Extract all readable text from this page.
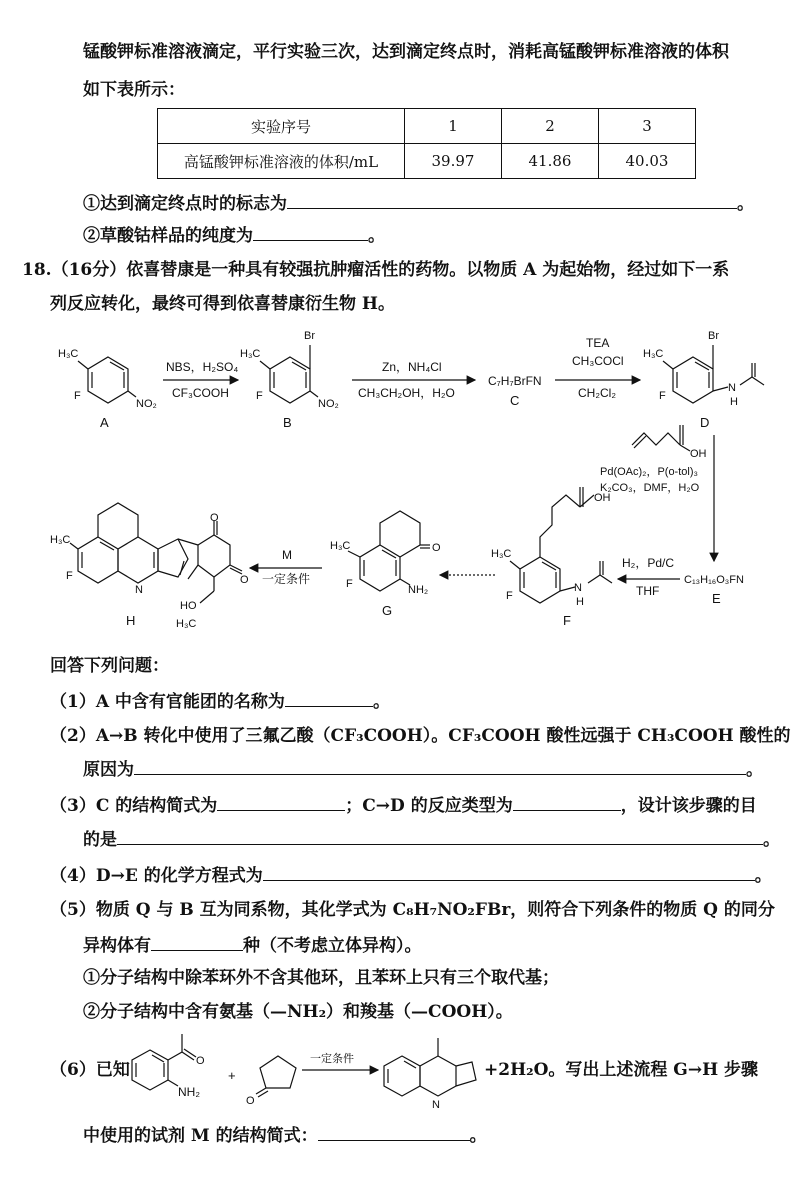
锰酸钾标准溶液滴定，平行实验三次，达到滴定终点时，消耗高锰酸钾标准溶液的体积
如下表所示：
实验序号	1	2	3
高锰酸钾标准溶液的体积/mL	39.97	41.86	40.03
①达到滴定终点时的标志为	。
②草酸钴样品的纯度为	。
18.（16分）依喜替康是一种具有较强抗肿瘤活性的药物。以物质 A 为起始物，经过如下一系
列反应转化，最终可得到依喜替康衍生物 H。
H₃C
F
NO₂
A
NBS，H₂SO₄
CF₃COOH
Br
H₃C
F
NO₂
B
Zn，NH₄Cl
CH₃CH₂OH，H₂O
C₇H₇BrFN
C
TEA
CH₃COCl
CH₂Cl₂
Br
H₃C
F
N
H
D
OH
Pd(OAc)₂，P(o-tol)₃
K₂CO₃，DMF，H₂O
C₁₃H₁₆O₃FN
E
H₂，Pd/C
THF
OH
H₃C
F
N
H
F
O
H₃C
F	NH₂
G
M
一定条件
H₃C
F
N
O
O
HO
H₃C
H
回答下列问题：
（1）A 中含有官能团的名称为	。
（2）A→B 转化中使用了三氟乙酸（CF₃COOH）。CF₃COOH 酸性远强于 CH₃COOH 酸性的
原因为	。
（3）C 的结构简式为	；C→D 的反应类型为	，设计该步骤的目
的是	。
（4）D→E 的化学方程式为	。
（5）物质 Q 与 B 互为同系物，其化学式为 C₈H₇NO₂FBr，则符合下列条件的物质 Q 的同分
异构体有	种（不考虑立体异构）。
①分子结构中除苯环外不含其他环，且苯环上只有三个取代基；
②分子结构中含有氨基（—NH₂）和羧基（—COOH）。
（6）已知	O
NH₂
+
O
一定条件
N
+2H₂O。写出上述流程 G→H 步骤
中使用的试剂 M 的结构简式：	。
